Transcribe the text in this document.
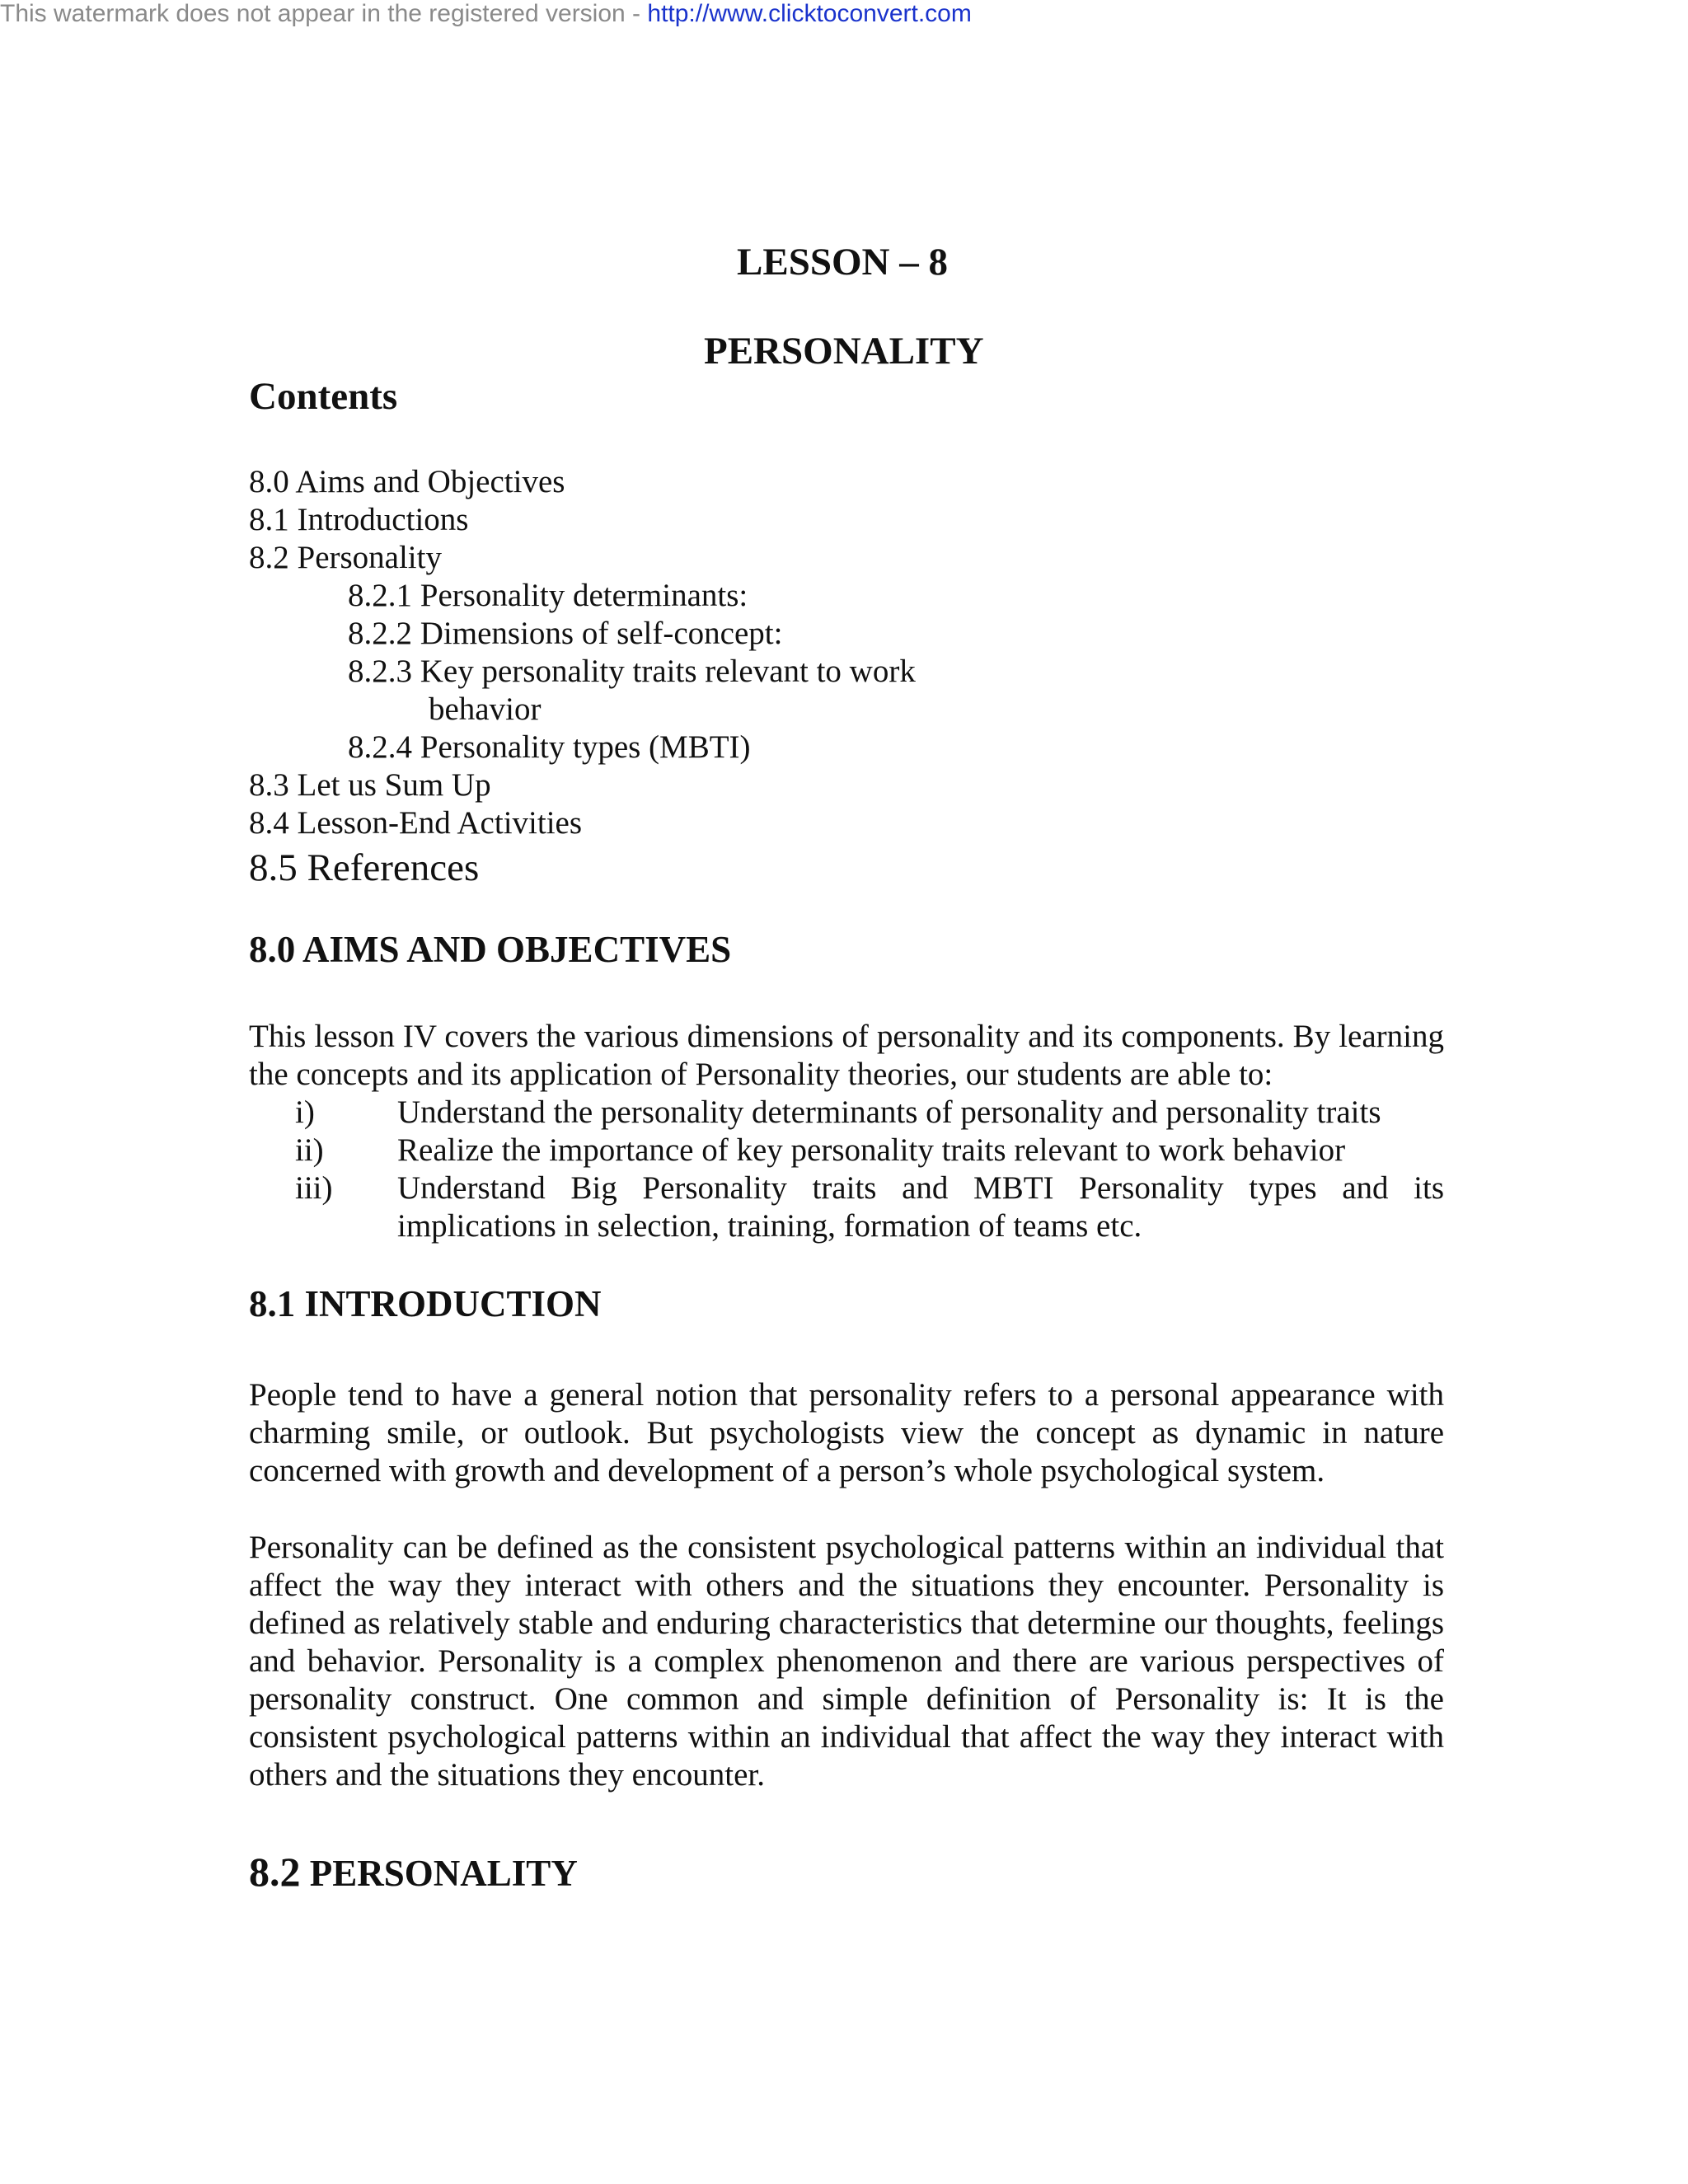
This watermark does not appear in the registered version - http://www.clicktoconvert.com
LESSON – 8
PERSONALITY
Contents
8.0 Aims and Objectives
8.1 Introductions
8.2 Personality
8.2.1 Personality determinants:
8.2.2 Dimensions of self-concept:
8.2.3 Key personality traits relevant to work
behavior
8.2.4 Personality types (MBTI)
8.3 Let us Sum Up
8.4 Lesson-End Activities
8.5 References
8.0 AIMS AND OBJECTIVES

This lesson IV covers the various dimensions of personality and its components. By learning the concepts and its application of Personality theories, our students are able to:

i)	Understand the personality determinants of personality and personality traits
ii)	Realize the importance of key personality traits relevant to work behavior
iii)	Understand Big Personality traits and MBTI Personality types and its implications in selection, training, formation of teams etc.
8.1 INTRODUCTION

People tend to have a general notion that personality refers to a personal appearance with charming smile, or outlook. But psychologists view the concept as dynamic in nature concerned with growth and development of a person’s whole psychological system.

Personality can be defined as the consistent psychological patterns within an individual that affect the way they interact with others and the situations they encounter. Personality is defined as relatively stable and enduring characteristics that determine our thoughts, feelings and behavior. Personality is a complex phenomenon and there are various perspectives of personality construct. One common and simple definition of Personality is: It is the consistent psychological patterns within an individual that affect the way they interact with others and the situations they encounter.

8.2 PERSONALITY
